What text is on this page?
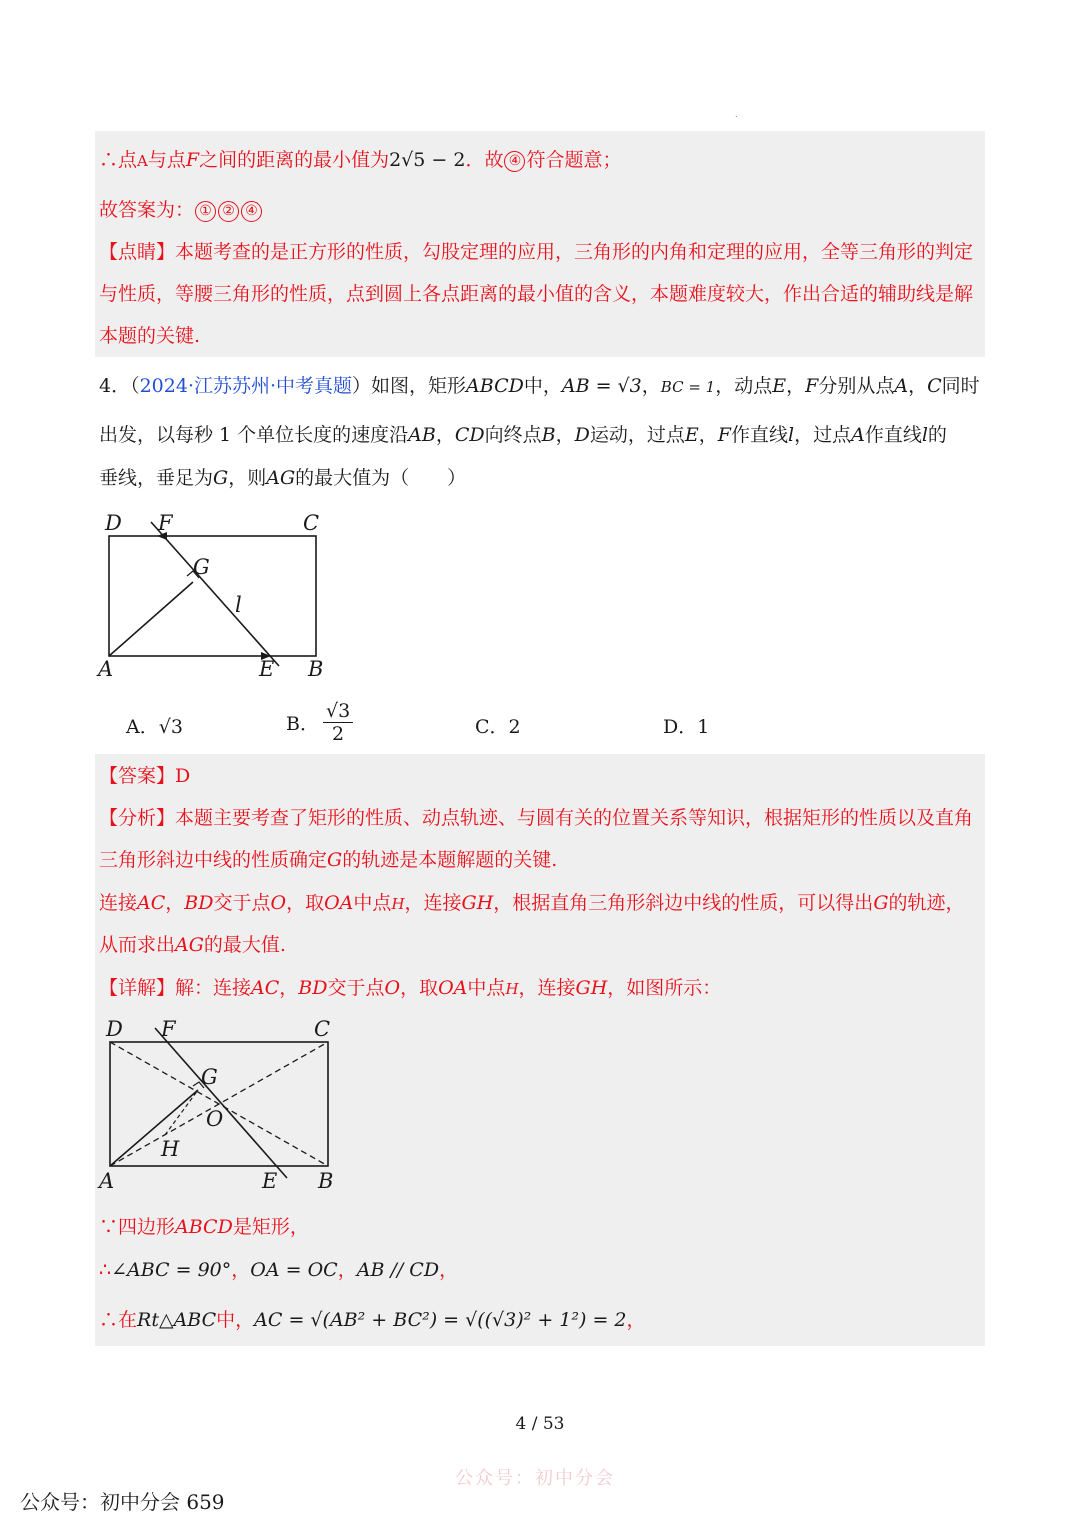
.
∴点A与点F之间的距离的最小值为2√5 − 2．故 ④ 符合题意；
故答案为： ① ② ④
【点睛】本题考查的是正方形的性质，勾股定理的应用，三角形的内角和定理的应用，全等三角形的判定
与性质，等腰三角形的性质，点到圆上各点距离的最小值的含义，本题难度较大，作出合适的辅助线是解
本题的关键.
4．（2024·江苏苏州·中考真题）如图，矩形ABCD中，AB = √3，BC = 1，动点E，F分别从点A，C同时
出发，以每秒 1 个单位长度的速度沿AB，CD向终点B，D运动，过点E，F作直线l，过点A作直线l的
垂线，垂足为G，则AG的最大值为（　　）
D F	C
G
l
A	E B
A．√3	B． $\frac{√3}{2}$	C．2	D．1
【答案】D
【分析】本题主要考查了矩形的性质、动点轨迹、与圆有关的位置关系等知识，根据矩形的性质以及直角
三角形斜边中线的性质确定G的轨迹是本题解题的关键.
连接AC，BD交于点O，取OA中点H，连接GH，根据直角三角形斜边中线的性质，可以得出G的轨迹，
从而求出AG的最大值.
【详解】解：连接AC，BD交于点O，取OA中点H，连接GH，如图所示：
D F	C
G
O
H
A	E B
∵四边形ABCD是矩形，
∴∠ABC = 90°，OA = OC，AB // CD，
∴在Rt△ABC中，AC = √(AB² + BC²) = √((√3)² + 1²) = 2，
4 / 53
公众号：初中分会
公众号：初中分会 659
